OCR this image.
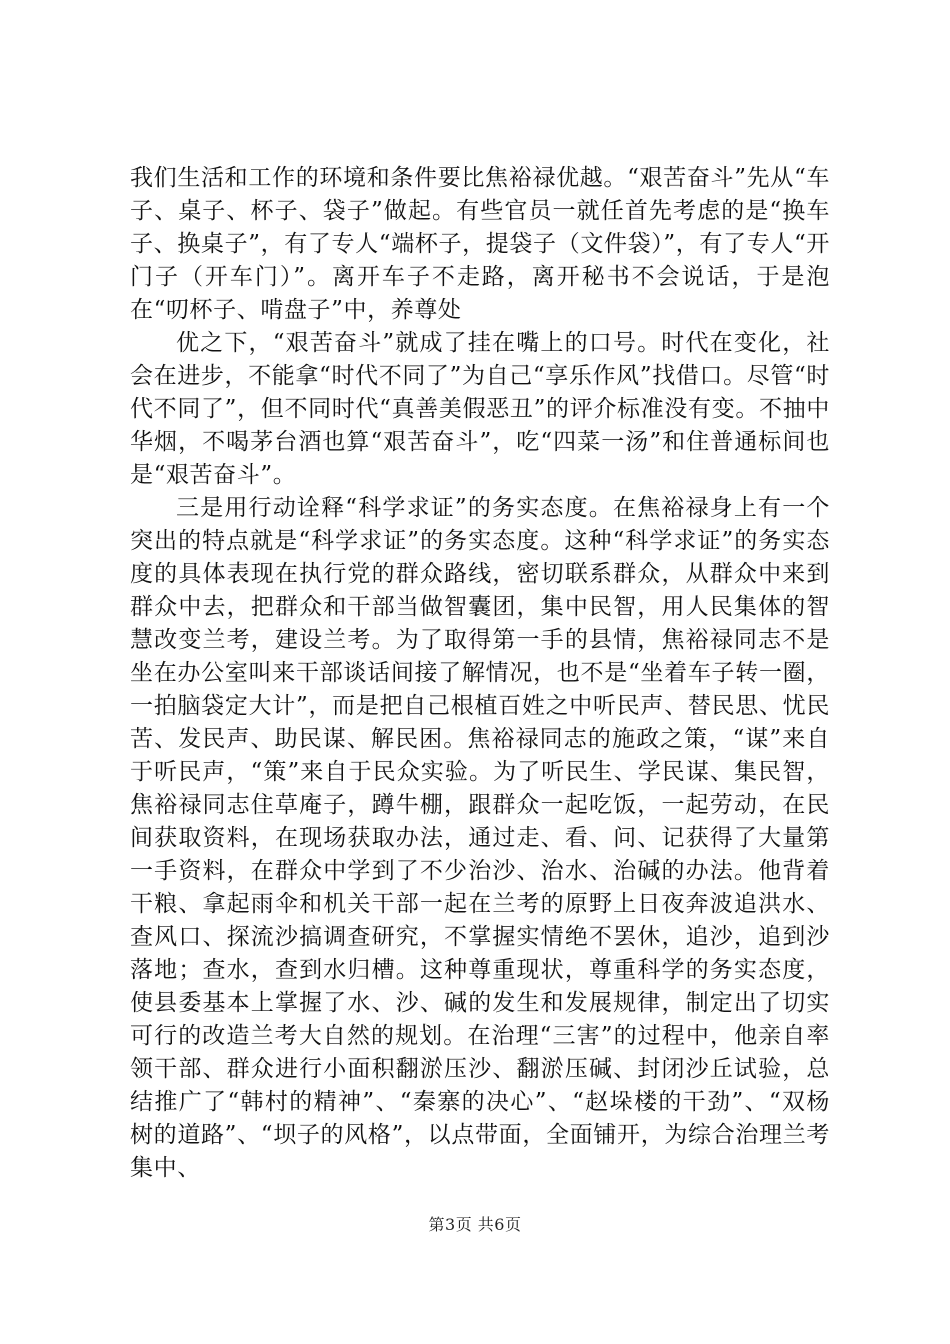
我们生活和工作的环境和条件要比焦裕禄优越。“艰苦奋斗”先从“车子、桌子、杯子、袋子”做起。有些官员一就任首先考虑的是“换车子、换桌子”，有了专人“端杯子，提袋子（文件袋）”，有了专人“开门子（开车门）”。离开车子不走路，离开秘书不会说话，于是泡在“叨杯子、啃盘子”中，养尊处

优之下，“艰苦奋斗”就成了挂在嘴上的口号。时代在变化，社会在进步，不能拿“时代不同了”为自己“享乐作风”找借口。尽管“时代不同了”，但不同时代“真善美假恶丑”的评介标准没有变。不抽中华烟，不喝茅台酒也算“艰苦奋斗”，吃“四菜一汤”和住普通标间也是“艰苦奋斗”。

三是用行动诠释“科学求证”的务实态度。在焦裕禄身上有一个突出的特点就是“科学求证”的务实态度。这种“科学求证”的务实态度的具体表现在执行党的群众路线，密切联系群众，从群众中来到群众中去，把群众和干部当做智囊团，集中民智，用人民集体的智慧改变兰考，建设兰考。为了取得第一手的县情，焦裕禄同志不是坐在办公室叫来干部谈话间接了解情况，也不是“坐着车子转一圈，一拍脑袋定大计”，而是把自己根植百姓之中听民声、替民思、忧民苦、发民声、助民谋、解民困。焦裕禄同志的施政之策，“谋”来自于听民声，“策”来自于民众实验。为了听民生、学民谋、集民智，焦裕禄同志住草庵子，蹲牛棚，跟群众一起吃饭，一起劳动，在民间获取资料，在现场获取办法，通过走、看、问、记获得了大量第一手资料，在群众中学到了不少治沙、治水、治碱的办法。他背着干粮、拿起雨伞和机关干部一起在兰考的原野上日夜奔波追洪水、查风口、探流沙搞调查研究，不掌握实情绝不罢休，追沙，追到沙落地；查水，查到水归槽。这种尊重现状，尊重科学的务实态度，使县委基本上掌握了水、沙、碱的发生和发展规律，制定出了切实可行的改造兰考大自然的规划。在治理“三害”的过程中，他亲自率领干部、群众进行小面积翻淤压沙、翻淤压碱、封闭沙丘试验，总结推广了“韩村的精神”、“秦寨的决心”、“赵垛楼的干劲”、“双杨树的道路”、“坝子的风格”，以点带面，全面铺开，为综合治理兰考集中、

第3页 共6页
